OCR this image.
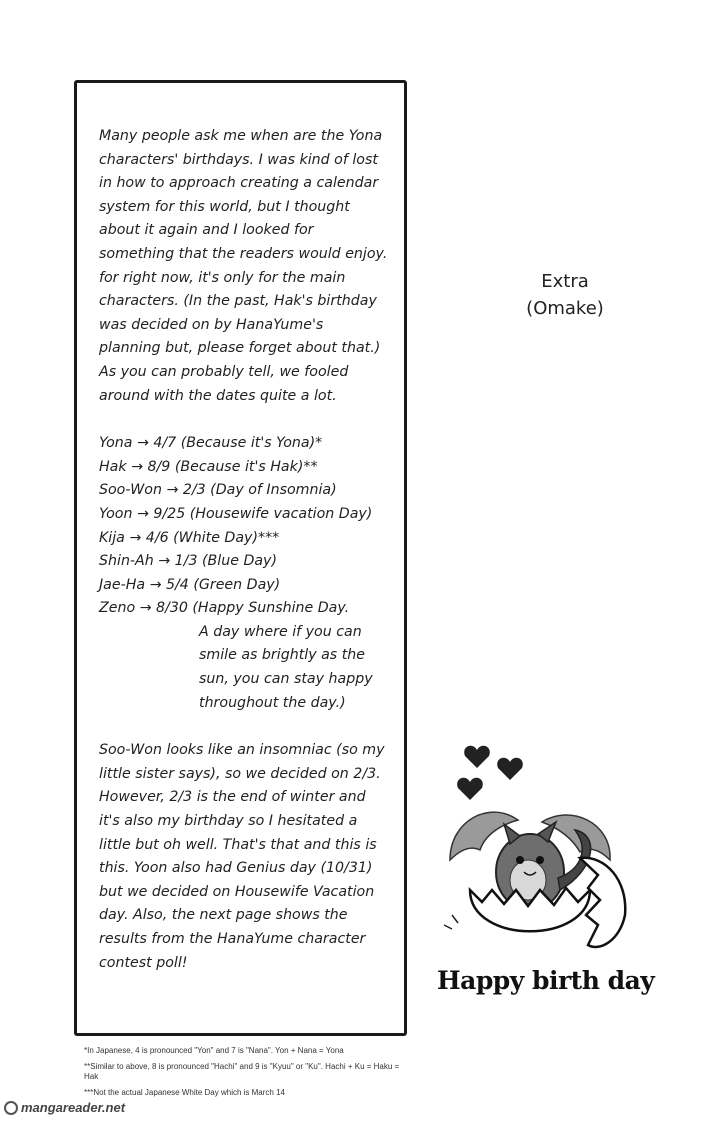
Many people ask me when are the Yona characters' birthdays. I was kind of lost in how to approach creating a calendar system for this world, but I thought about it again and I looked for something that the readers would enjoy. for right now, it's only for the main characters. (In the past, Hak's birthday was decided on by HanaYume's planning but, please forget about that.) As you can probably tell, we fooled around with the dates quite a lot.

Yona → 4/7 (Because it's Yona)*
Hak → 8/9 (Because it's Hak)**
Soo-Won → 2/3 (Day of Insomnia)
Yoon → 9/25 (Housewife vacation Day)
Kija → 4/6 (White Day)***
Shin-Ah → 1/3 (Blue Day)
Jae-Ha → 5/4 (Green Day)
Zeno → 8/30 (Happy Sunshine Day.
A day where if you can
smile as brightly as the
sun, you can stay happy
throughout the day.)

Soo-Won looks like an insomniac (so my little sister says), so we decided on 2/3. However, 2/3 is the end of winter and it's also my birthday so I hesitated a little but oh well. That's that and this is this. Yoon also had Genius day (10/31) but we decided on Housewife Vacation day. Also, the next page shows the results from the HanaYume character contest poll!

Extra
(Omake)
Happy birth day

*In Japanese, 4 is pronounced "Yon" and 7 is "Nana". Yon + Nana = Yona

**Similar to above, 8 is pronounced "Hachi" and 9 is "Kyuu" or "Ku". Hachi + Ku = Haku = Hak

***Not the actual Japanese White Day which is March 14

mangareader.net
